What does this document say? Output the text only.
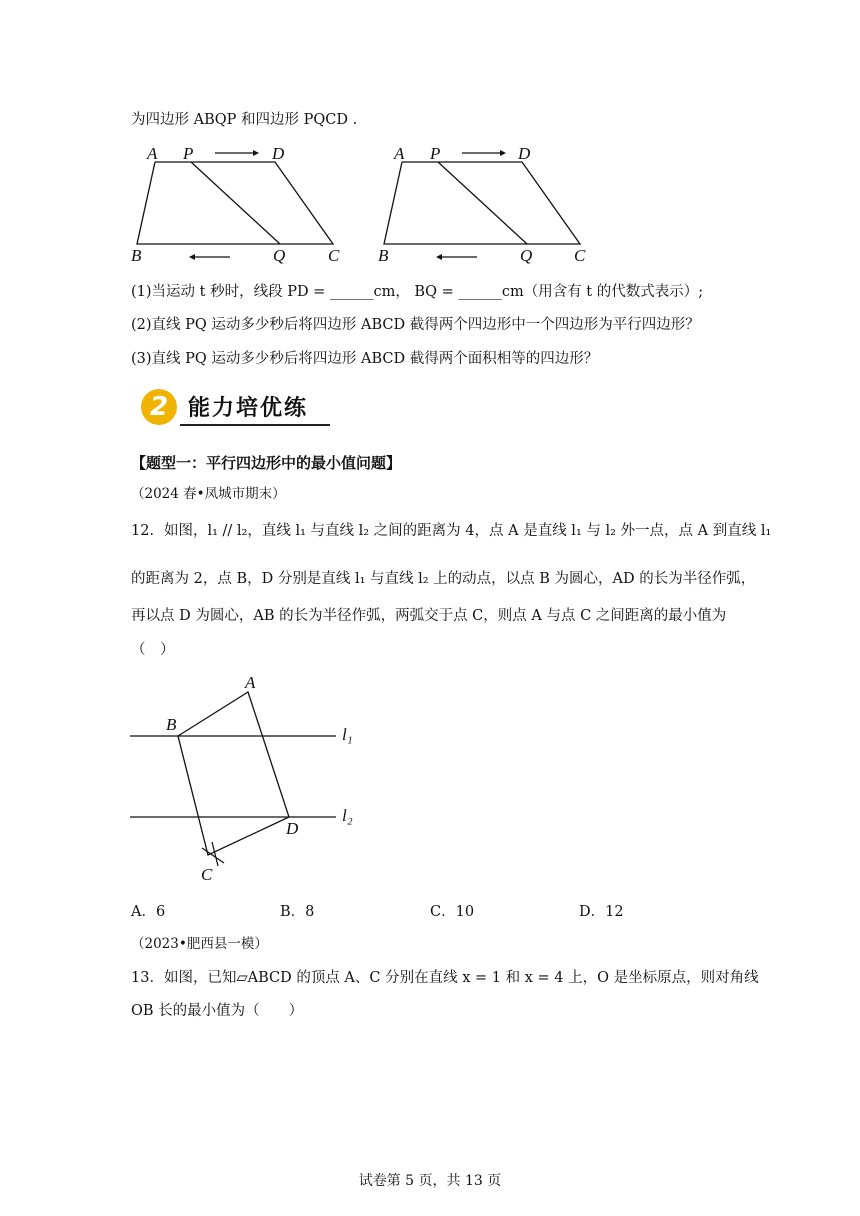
为四边形 ABQP 和四边形 PQCD .
A P	D
B	Q	C
A P	D
B	Q C
(1)当运动 t 秒时，线段 PD = ______cm， BQ = ______cm（用含有 t 的代数式表示）;
(2)直线 PQ 运动多少秒后将四边形 ABCD 截得两个四边形中一个四边形为平行四边形？
(3)直线 PQ 运动多少秒后将四边形 ABCD 截得两个面积相等的四边形？
2 能力培优练
【题型一：平行四边形中的最小值问题】
（2024 春•凤城市期末）
12．如图，l₁ // l₂，直线 l₁ 与直线 l₂ 之间的距离为 4，点 A 是直线 l₁ 与 l₂ 外一点，点 A 到直线 l₁
的距离为 2，点 B，D 分别是直线 l₁ 与直线 l₂ 上的动点，以点 B 为圆心，AD 的长为半径作弧，
再以点 D 为圆心，AB 的长为半径作弧，两弧交于点 C，则点 A 与点 C 之间距离的最小值为
（　）
A
B
C
D
l₁
l₂
A．6	B．8	C．10	D．12
（2023•肥西县一模）
13．如图，已知▱ABCD 的顶点 A、C 分别在直线 x = 1 和 x = 4 上，O 是坐标原点，则对角线
OB 长的最小值为（　　）
试卷第 5 页，共 13 页
